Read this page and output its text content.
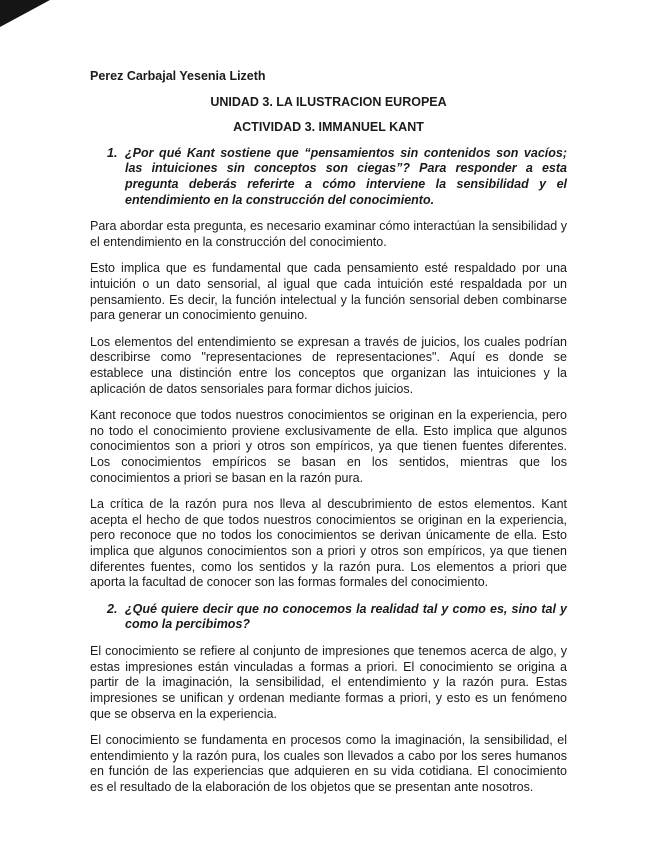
Perez Carbajal Yesenia Lizeth

UNIDAD 3. LA ILUSTRACION EUROPEA

ACTIVIDAD 3. IMMANUEL KANT

1. ¿Por qué Kant sostiene que “pensamientos sin contenidos son vacíos; las intuiciones sin conceptos son ciegas”? Para responder a esta pregunta deberás referirte a cómo interviene la sensibilidad y el entendimiento en la construcción del conocimiento.

Para abordar esta pregunta, es necesario examinar cómo interactúan la sensibilidad y el entendimiento en la construcción del conocimiento.

Esto implica que es fundamental que cada pensamiento esté respaldado por una intuición o un dato sensorial, al igual que cada intuición esté respaldada por un pensamiento. Es decir, la función intelectual y la función sensorial deben combinarse para generar un conocimiento genuino.

Los elementos del entendimiento se expresan a través de juicios, los cuales podrían describirse como "representaciones de representaciones". Aquí es donde se establece una distinción entre los conceptos que organizan las intuiciones y la aplicación de datos sensoriales para formar dichos juicios.

Kant reconoce que todos nuestros conocimientos se originan en la experiencia, pero no todo el conocimiento proviene exclusivamente de ella. Esto implica que algunos conocimientos son a priori y otros son empíricos, ya que tienen fuentes diferentes. Los conocimientos empíricos se basan en los sentidos, mientras que los conocimientos a priori se basan en la razón pura.

La crítica de la razón pura nos lleva al descubrimiento de estos elementos. Kant acepta el hecho de que todos nuestros conocimientos se originan en la experiencia, pero reconoce que no todos los conocimientos se derivan únicamente de ella. Esto implica que algunos conocimientos son a priori y otros son empíricos, ya que tienen diferentes fuentes, como los sentidos y la razón pura. Los elementos a priori que aporta la facultad de conocer son las formas formales del conocimiento.

2. ¿Qué quiere decir que no conocemos la realidad tal y como es, sino tal y como la percibimos?

El conocimiento se refiere al conjunto de impresiones que tenemos acerca de algo, y estas impresiones están vinculadas a formas a priori. El conocimiento se origina a partir de la imaginación, la sensibilidad, el entendimiento y la razón pura. Estas impresiones se unifican y ordenan mediante formas a priori, y esto es un fenómeno que se observa en la experiencia.

El conocimiento se fundamenta en procesos como la imaginación, la sensibilidad, el entendimiento y la razón pura, los cuales son llevados a cabo por los seres humanos en función de las experiencias que adquieren en su vida cotidiana. El conocimiento es el resultado de la elaboración de los objetos que se presentan ante nosotros.
